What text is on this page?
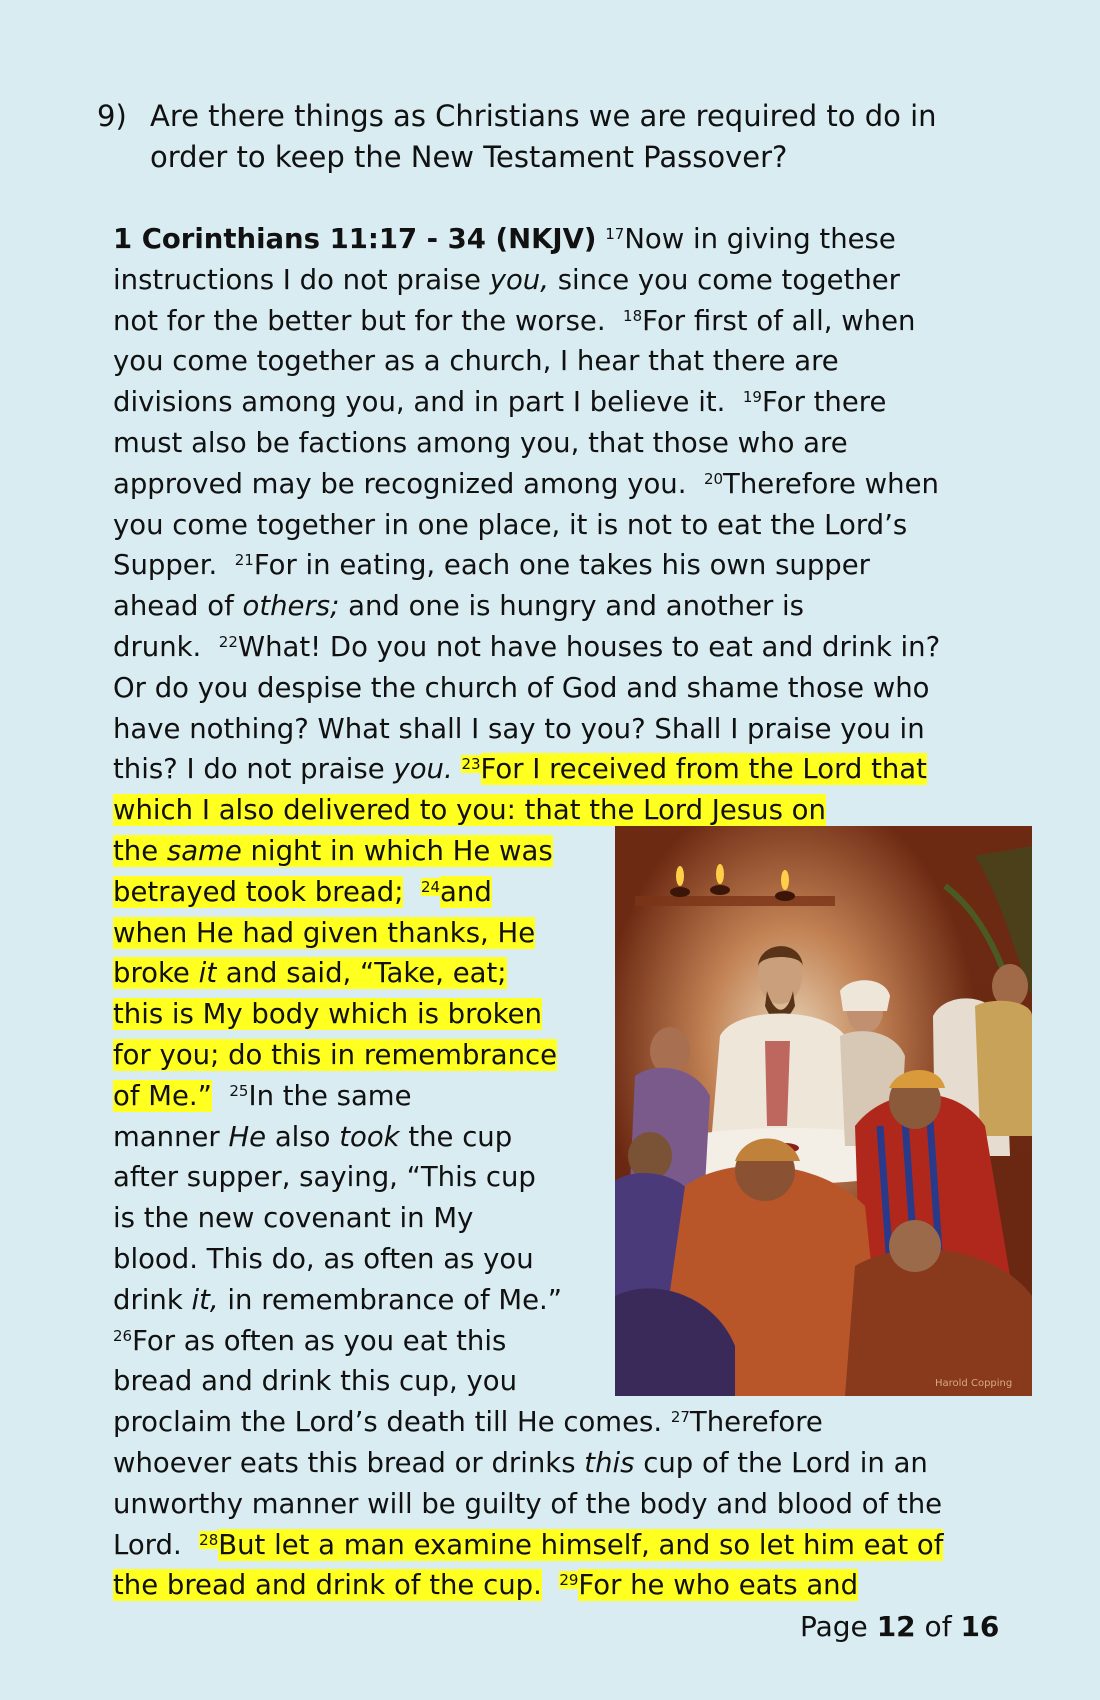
9) Are there things as Christians we are required to do in
order to keep the New Testament Passover?
1 Corinthians 11:17 - 34 (NKJV) $^{17}$Now in giving these
instructions I do not praise you, since you come together
not for the better but for the worse.  $^{18}$For first of all, when
you come together as a church, I hear that there are
divisions among you, and in part I believe it.  $^{19}$For there
must also be factions among you, that those who are
approved may be recognized among you.  $^{20}$Therefore when
you come together in one place, it is not to eat the Lord’s
Supper.  $^{21}$For in eating, each one takes his own supper
ahead of others; and one is hungry and another is
drunk.  $^{22}$What! Do you not have houses to eat and drink in?
Or do you despise the church of God and shame those who
have nothing? What shall I say to you? Shall I praise you in
this? I do not praise you. $^{23}$For I received from the Lord that
which I also delivered to you: that the Lord Jesus on
the same night in which He was
betrayed took bread; $^{24}$and
when He had given thanks, He
broke it and said, “Take, eat;
this is My body which is broken
for you; do this in remembrance
of Me.” $^{25}$In the same
manner He also took the cup
after supper, saying, “This cup
is the new covenant in My
blood. This do, as often as you
drink it, in remembrance of Me.”
$^{26}$For as often as you eat this
bread and drink this cup, you
proclaim the Lord’s death till He comes. $^{27}$Therefore
whoever eats this bread or drinks this cup of the Lord in an
unworthy manner will be guilty of the body and blood of the
Lord.  $^{28}$But let a man examine himself, and so let him eat of
the bread and drink of the cup. $^{29}$For he who eats and
Harold Copping
Page 12 of 16
